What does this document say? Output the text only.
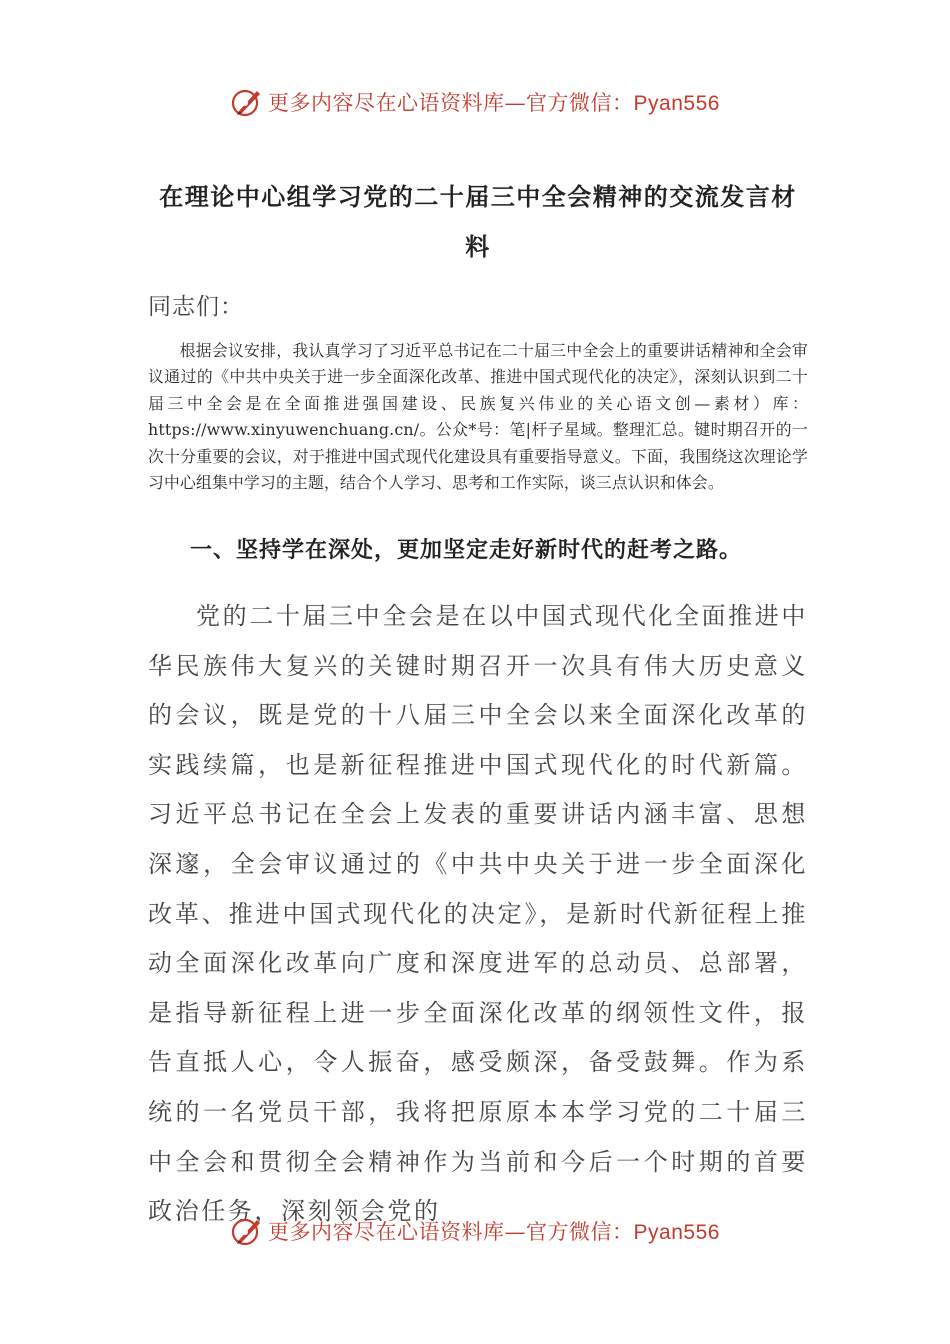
更多内容尽在心语资料库—官方微信：Pyan556
在理论中心组学习党的二十届三中全会精神的交流发言材料
同志们：
根据会议安排，我认真学习了习近平总书记在二十届三中全会上的重要讲话精神和全会审议通过的《中共中央关于进一步全面深化改革、推进中国式现代化的决定》，深刻认识到二十届三中全会是在全面推进强国建设、民族复兴伟业的关心语文创—素材）库：https://www.xinyuwenchuang.cn/。公众*号：笔|杆子星域。整理汇总。键时期召开的一次十分重要的会议，对于推进中国式现代化建设具有重要指导意义。下面，我围绕这次理论学习中心组集中学习的主题，结合个人学习、思考和工作实际，谈三点认识和体会。
一、坚持学在深处，更加坚定走好新时代的赶考之路。
党的二十届三中全会是在以中国式现代化全面推进中华民族伟大复兴的关键时期召开一次具有伟大历史意义的会议，既是党的十八届三中全会以来全面深化改革的实践续篇，也是新征程推进中国式现代化的时代新篇。习近平总书记在全会上发表的重要讲话内涵丰富、思想深邃，全会审议通过的《中共中央关于进一步全面深化改革、推进中国式现代化的决定》，是新时代新征程上推动全面深化改革向广度和深度进军的总动员、总部署，是指导新征程上进一步全面深化改革的纲领性文件，报告直抵人心，令人振奋，感受颇深，备受鼓舞。作为系统的一名党员干部，我将把原原本本学习党的二十届三中全会和贯彻全会精神作为当前和今后一个时期的首要政治任务，深刻领会党的
更多内容尽在心语资料库—官方微信：Pyan556
